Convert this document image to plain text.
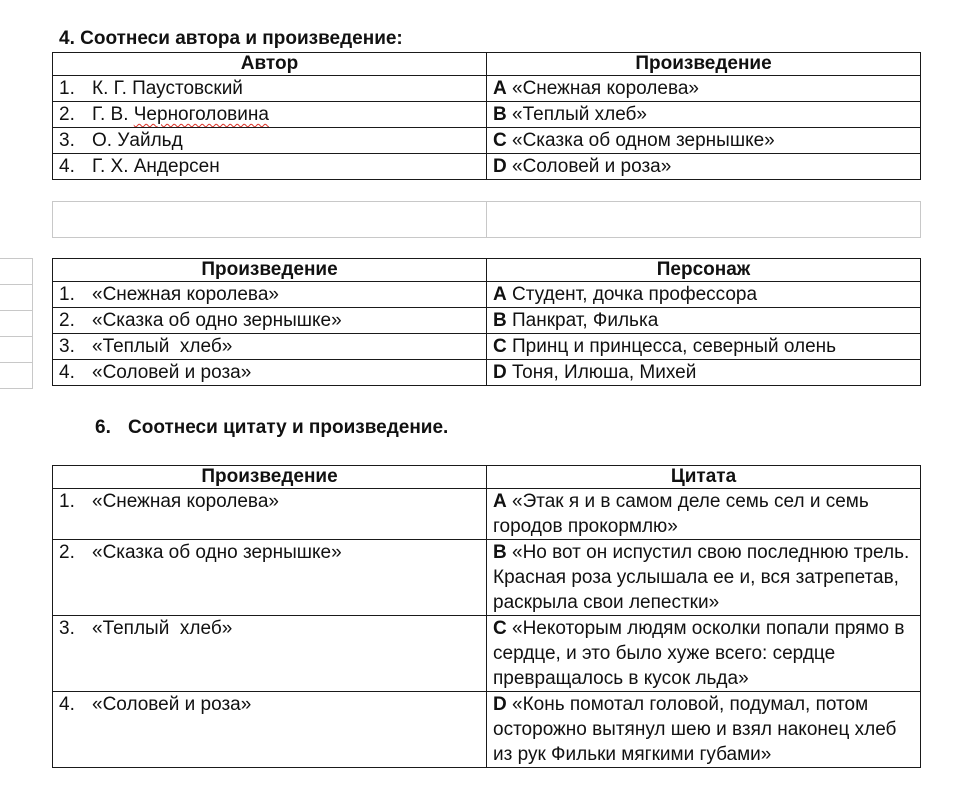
4. Соотнеси автора и произведение:
Автор	Произведение
1. К. Г. Паустовский	A «Снежная королева»
2. Г. В. Черноголовина	B «Теплый хлеб»
3. О. Уайльд	C «Сказка об одном зернышке»
4. Г. Х. Андерсен	D «Соловей и роза»
Произведение	Персонаж
1. «Снежная королева»	A Студент, дочка профессора
2. «Сказка об одно зернышке»	B Панкрат, Филька
3. «Теплый  хлеб»	C Принц и принцесса, северный олень
4. «Соловей и роза»	D Тоня, Илюша, Михей
6. Соотнеси цитату и произведение.
Произведение	Цитата
1. «Снежная королева»	A «Этак я и в самом деле семь сел и семь городов прокормлю»
2. «Сказка об одно зернышке»	B «Но вот он испустил свою последнюю трель. Красная роза услышала ее и, вся затрепетав, раскрыла свои лепестки»
3. «Теплый  хлеб»	C «Некоторым людям осколки попали прямо в сердце, и это было хуже всего: сердце превращалось в кусок льда»
4. «Соловей и роза»	D «Конь помотал головой, подумал, потом осторожно вытянул шею и взял наконец хлеб из рук Фильки мягкими губами»
